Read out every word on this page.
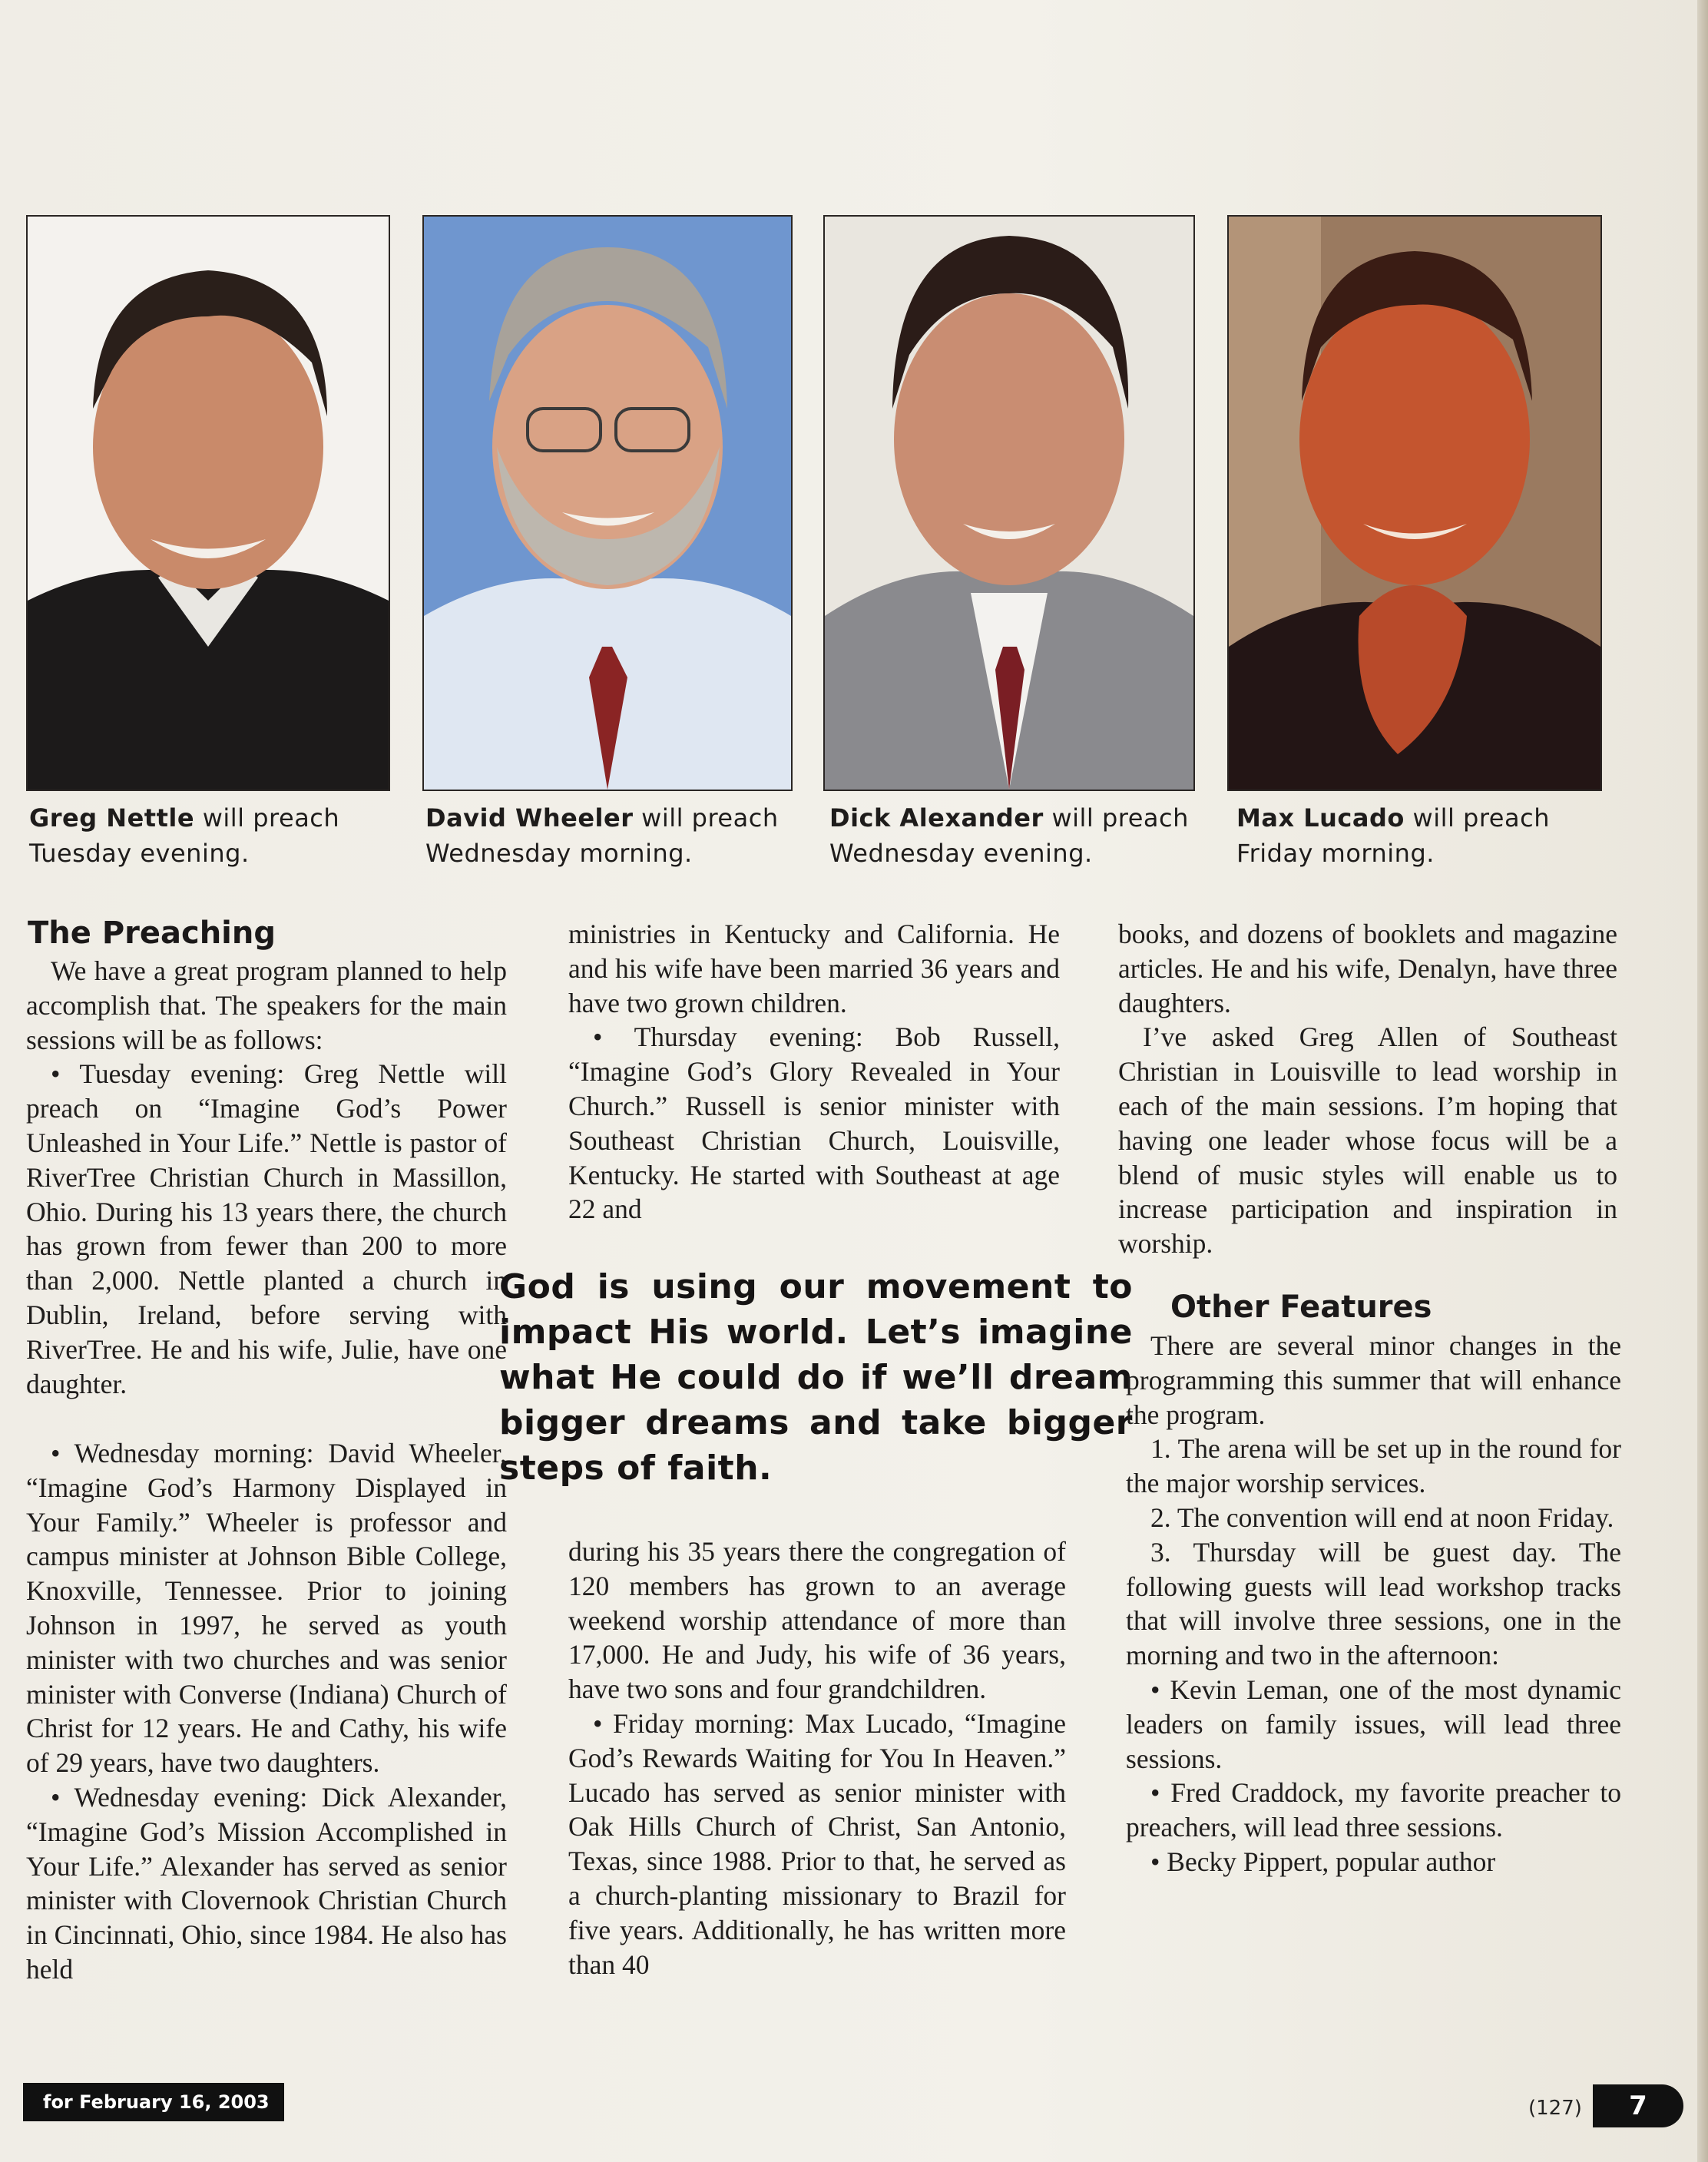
Greg Nettle will preach Tuesday evening.
David Wheeler will preach Wednesday morning.
Dick Alexander will preach Wednesday evening.
Max Lucado will preach Friday morning.
The Preaching

We have a great program planned to help accomplish that. The speakers for the main sessions will be as follows:

• Tuesday evening: Greg Nettle will preach on “Imagine God’s Power Unleashed in Your Life.” Nettle is pastor of RiverTree Christian Church in Massillon, Ohio. During his 13 years there, the church has grown from fewer than 200 to more than 2,000. Nettle planted a church in Dublin, Ireland, before serving with RiverTree. He and his wife, Julie, have one daughter.

ministries in Kentucky and California. He and his wife have been married 36 years and have two grown children.

• Thursday evening: Bob Russell, “Imagine God’s Glory Revealed in Your Church.” Russell is senior minister with Southeast Christian Church, Louisville, Kentucky. He started with Southeast at age 22 and

God is using our movement to impact His world. Let’s imagine what He could do if we’ll dream bigger dreams and take bigger steps of faith.

during his 35 years there the congregation of 120 members has grown to an average weekend worship attendance of more than 17,000. He and Judy, his wife of 36 years, have two sons and four grandchildren.

• Friday morning: Max Lucado, “Imagine God’s Rewards Waiting for You In Heaven.” Lucado has served as senior minister with Oak Hills Church of Christ, San Antonio, Texas, since 1988. Prior to that, he served as a church-planting missionary to Brazil for five years. Additionally, he has written more than 40

books, and dozens of booklets and magazine articles. He and his wife, Denalyn, have three daughters.

I’ve asked Greg Allen of Southeast Christian in Louisville to lead worship in each of the main sessions. I’m hoping that having one leader whose focus will be a blend of music styles will enable us to increase participation and inspiration in worship.

Other Features

There are several minor changes in the programming this summer that will enhance the program.

1. The arena will be set up in the round for the major worship services.

2. The convention will end at noon Friday.

3. Thursday will be guest day. The following guests will lead workshop tracks that will involve three sessions, one in the morning and two in the afternoon:

• Kevin Leman, one of the most dynamic leaders on family issues, will lead three sessions.

• Fred Craddock, my favorite preacher to preachers, will lead three sessions.

• Becky Pippert, popular author

• Wednesday morning: David Wheeler, “Imagine God’s Harmony Displayed in Your Family.” Wheeler is professor and campus minister at Johnson Bible College, Knoxville, Tennessee. Prior to joining Johnson in 1997, he served as youth minister with two churches and was senior minister with Converse (Indiana) Church of Christ for 12 years. He and Cathy, his wife of 29 years, have two daughters.

• Wednesday evening: Dick Alexander, “Imagine God’s Mission Accomplished in Your Life.” Alexander has served as senior minister with Clovernook Christian Church in Cincinnati, Ohio, since 1984. He also has held

for February 16, 2003	(127)	7
